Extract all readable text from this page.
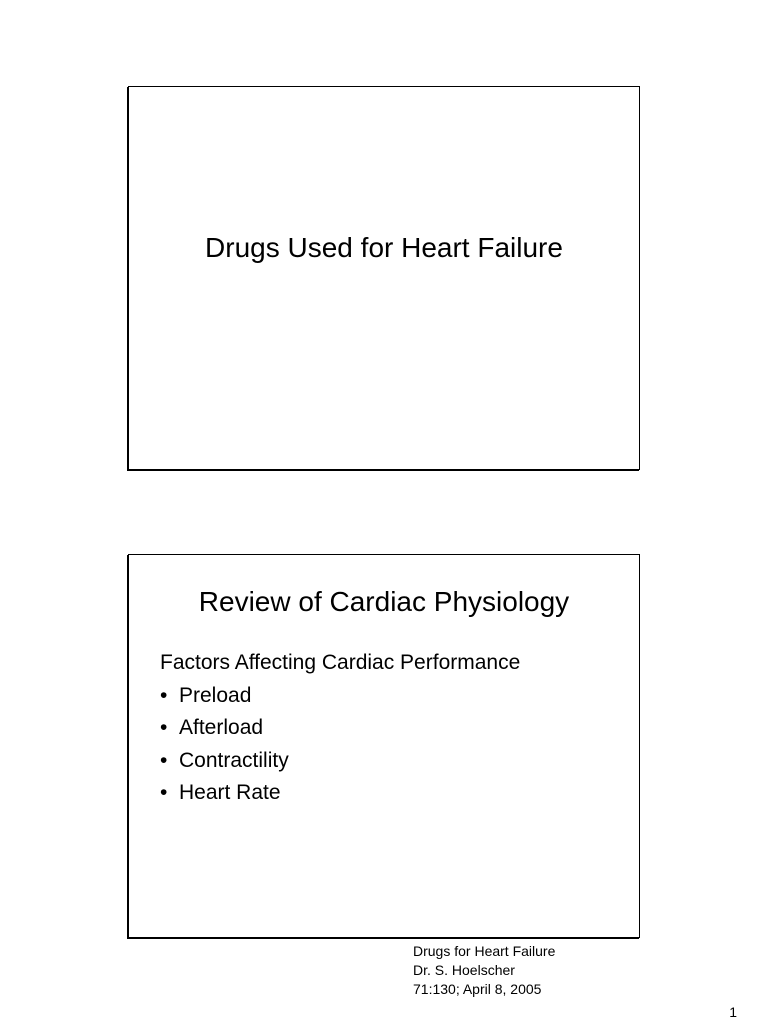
Drugs Used for Heart Failure
Review of Cardiac Physiology

Factors Affecting Cardiac Performance

• Preload
• Afterload
• Contractility
• Heart Rate
Drugs for Heart Failure
Dr. S. Hoelscher
71:130; April 8, 2005
1
